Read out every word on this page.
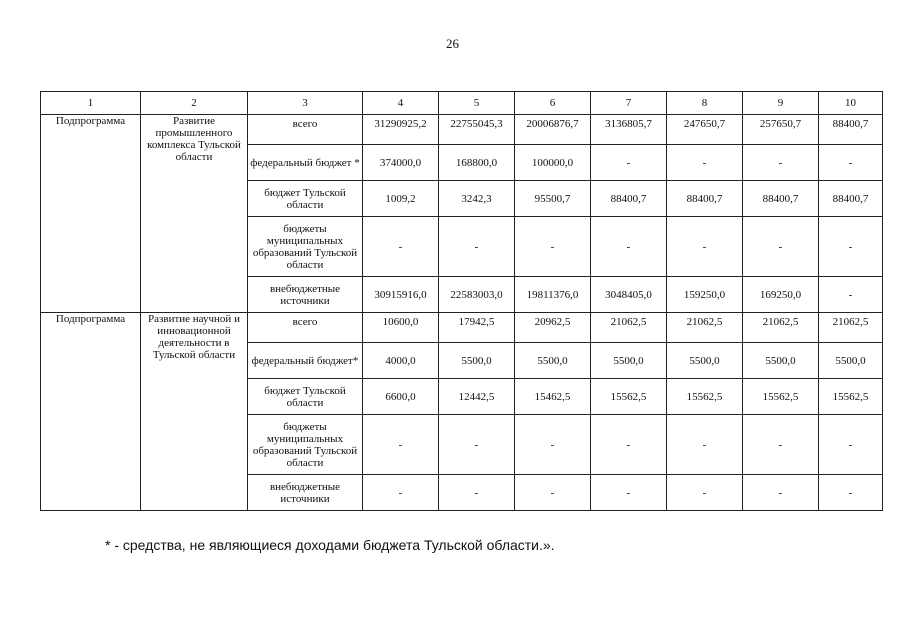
26
1	2	3	4	5	6	7	8	9	10
Подпрограмма	Развитие промышленного комплекса Тульской области	всего	31290925,2	22755045,3	20006876,7	3136805,7	247650,7	257650,7	88400,7
		федеральный бюджет *	374000,0	168800,0	100000,0	-	-	-	-
		бюджет Тульской области	1009,2	3242,3	95500,7	88400,7	88400,7	88400,7	88400,7
		бюджеты муниципальных образований Тульской области	-	-	-	-	-	-	-
		внебюджетные источники	30915916,0	22583003,0	19811376,0	3048405,0	159250,0	169250,0	-
Подпрограмма	Развитие научной и инновационной деятельности в Тульской области	всего	10600,0	17942,5	20962,5	21062,5	21062,5	21062,5	21062,5
		федеральный бюджет*	4000,0	5500,0	5500,0	5500,0	5500,0	5500,0	5500,0
		бюджет Тульской области	6600,0	12442,5	15462,5	15562,5	15562,5	15562,5	15562,5
		бюджеты муниципальных образований Тульской области	-	-	-	-	-	-	-
		внебюджетные источники	-	-	-	-	-	-	-
* - средства, не являющиеся доходами бюджета Тульской области.».
